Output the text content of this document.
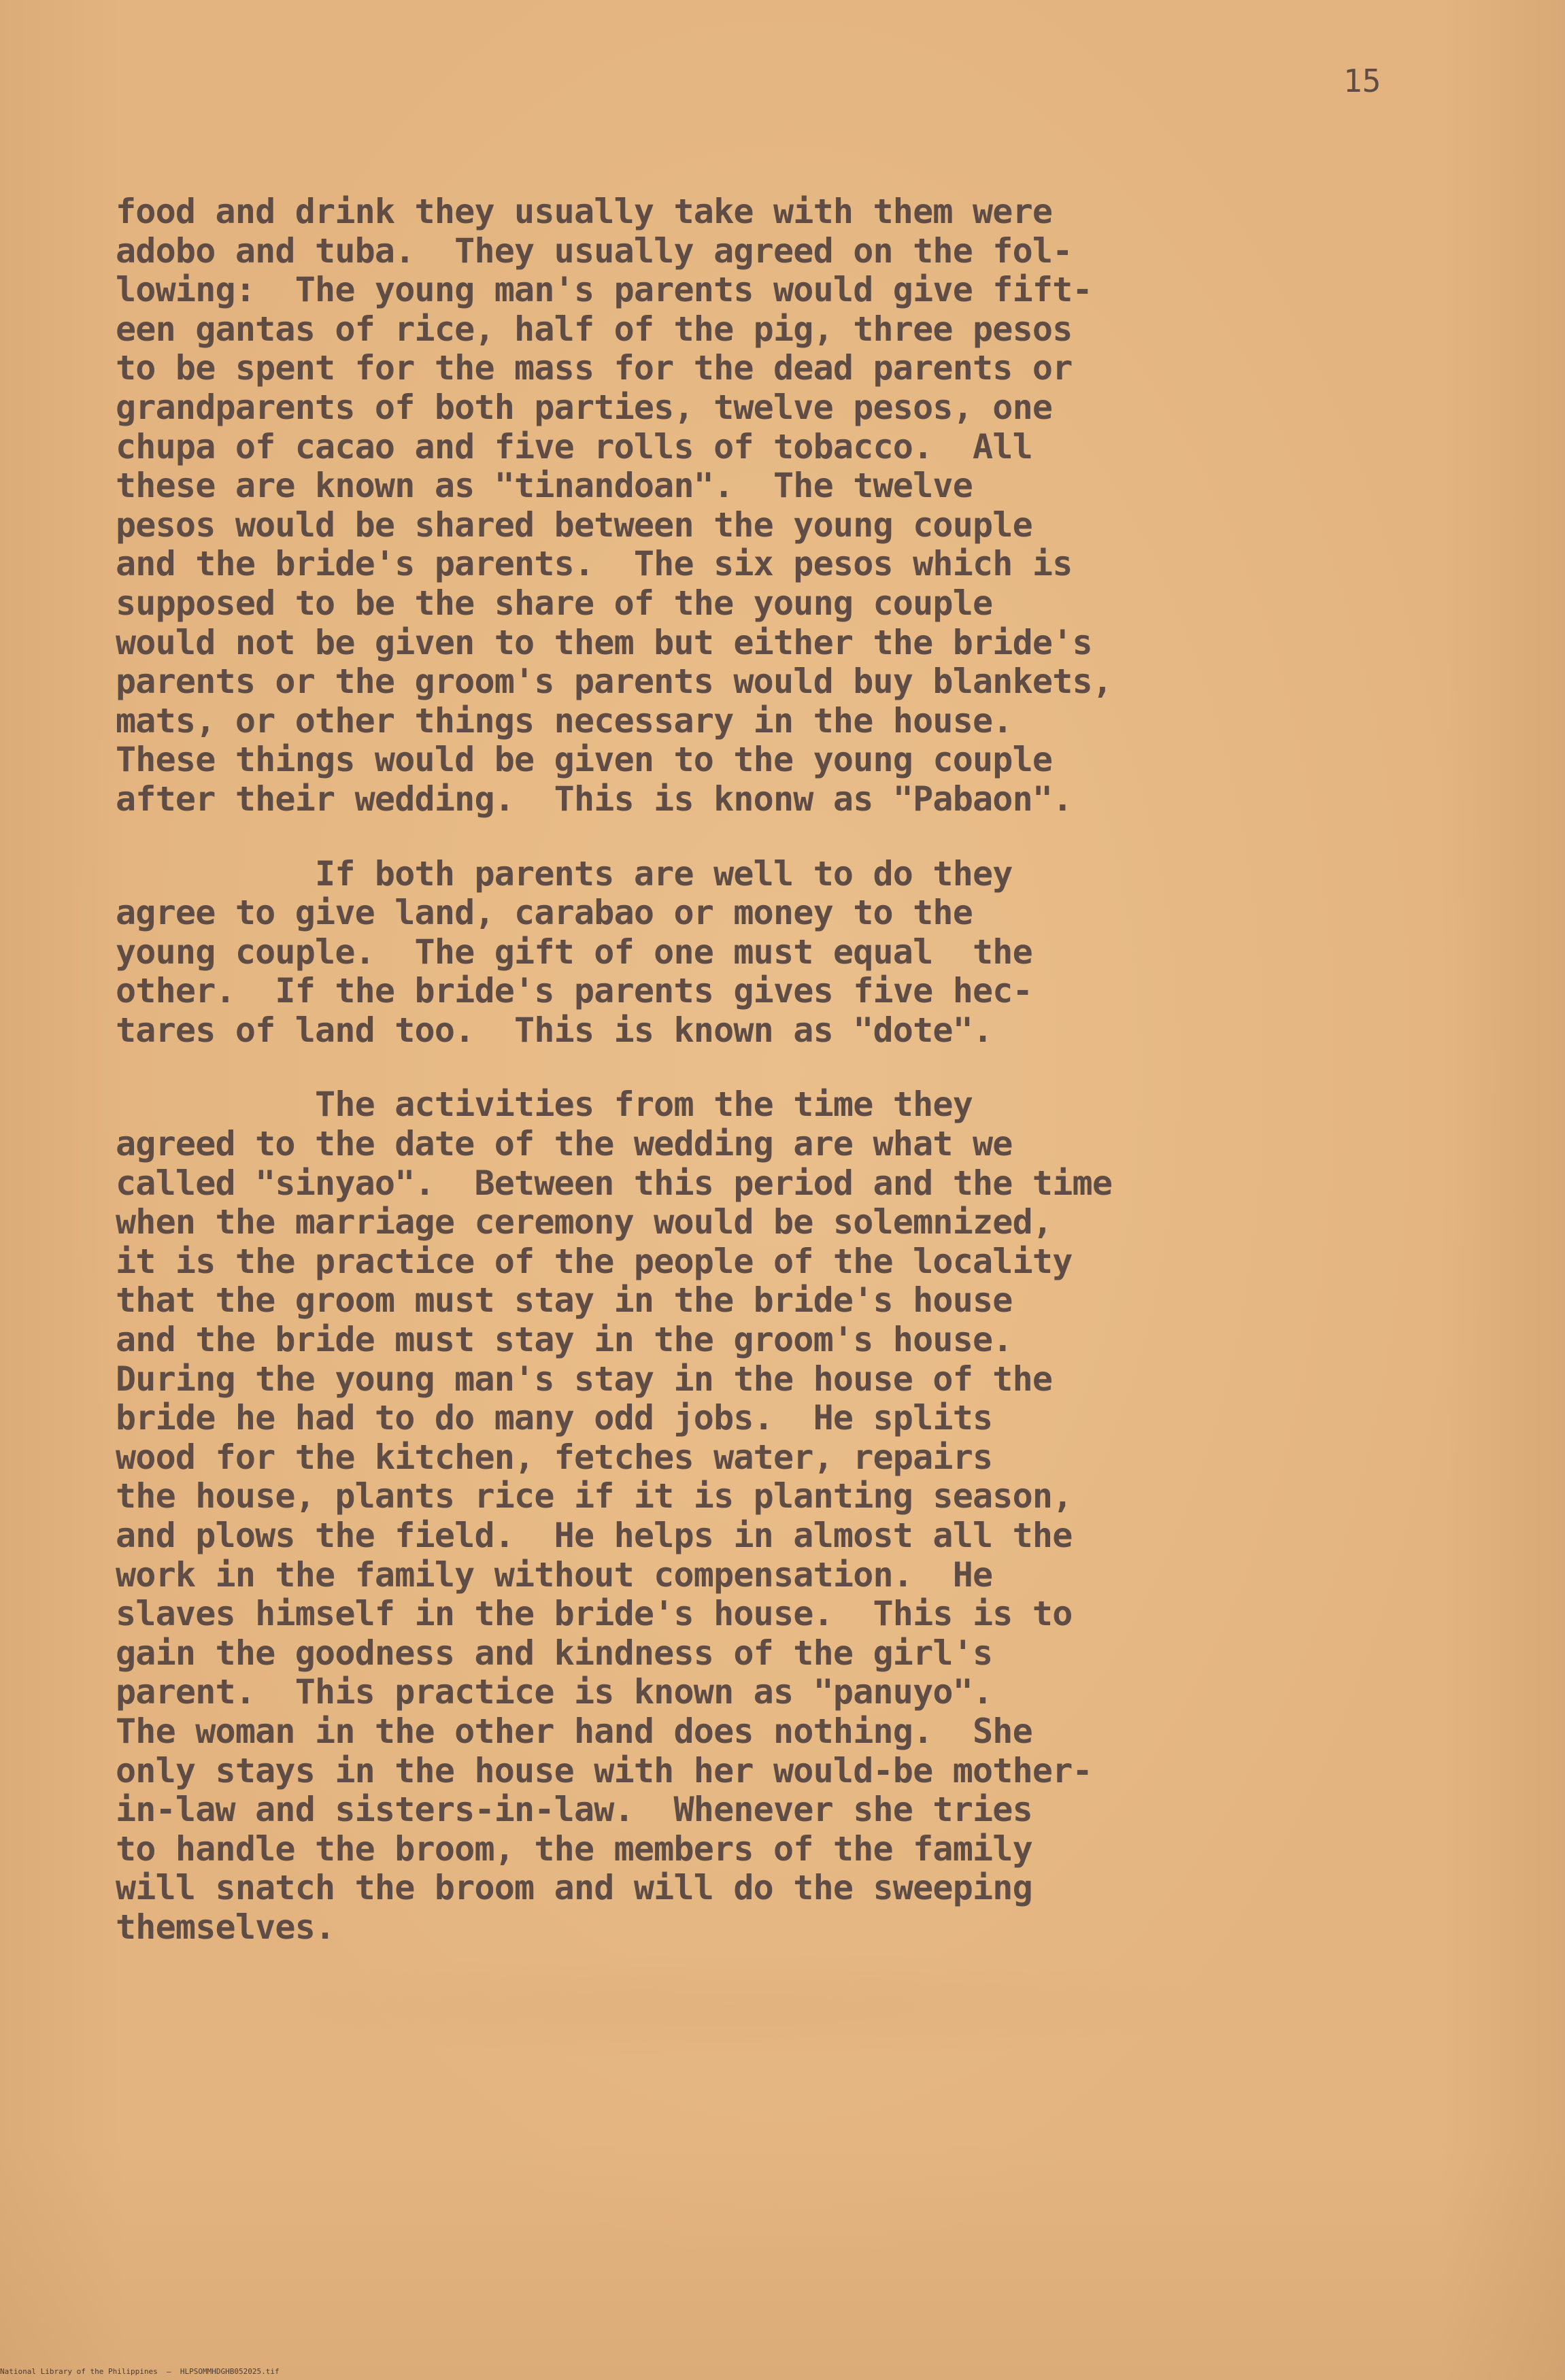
15

food and drink they usually take with them were

adobo and tuba.  They usually agreed on the fol-

lowing:  The young man's parents would give fift-

een gantas of rice, half of the pig, three pesos

to be spent for the mass for the dead parents or

grandparents of both parties, twelve pesos, one

chupa of cacao and five rolls of tobacco.  All

these are known as "tinandoan".  The twelve

pesos would be shared between the young couple

and the bride's parents.  The six pesos which is

supposed to be the share of the young couple

would not be given to them but either the bride's

parents or the groom's parents would buy blankets,

mats, or other things necessary in the house.

These things would be given to the young couple

after their wedding.  This is knonw as "Pabaon".

If both parents are well to do they

agree to give land, carabao or money to the

young couple.  The gift of one must equal  the

other.  If the bride's parents gives five hec-

tares of land too.  This is known as "dote".

The activities from the time they

agreed to the date of the wedding are what we

called "sinyao".  Between this period and the time

when the marriage ceremony would be solemnized,

it is the practice of the people of the locality

that the groom must stay in the bride's house

and the bride must stay in the groom's house.

During the young man's stay in the house of the

bride he had to do many odd jobs.  He splits

wood for the kitchen, fetches water, repairs

the house, plants rice if it is planting season,

and plows the field.  He helps in almost all the

work in the family without compensation.  He

slaves himself in the bride's house.  This is to

gain the goodness and kindness of the girl's

parent.  This practice is known as "panuyo".

The woman in the other hand does nothing.  She

only stays in the house with her would-be mother-

in-law and sisters-in-law.  Whenever she tries

to handle the broom, the members of the family

will snatch the broom and will do the sweeping

themselves.

National Library of the Philippines  —  HLPSOMMHDGHB052025.tif
